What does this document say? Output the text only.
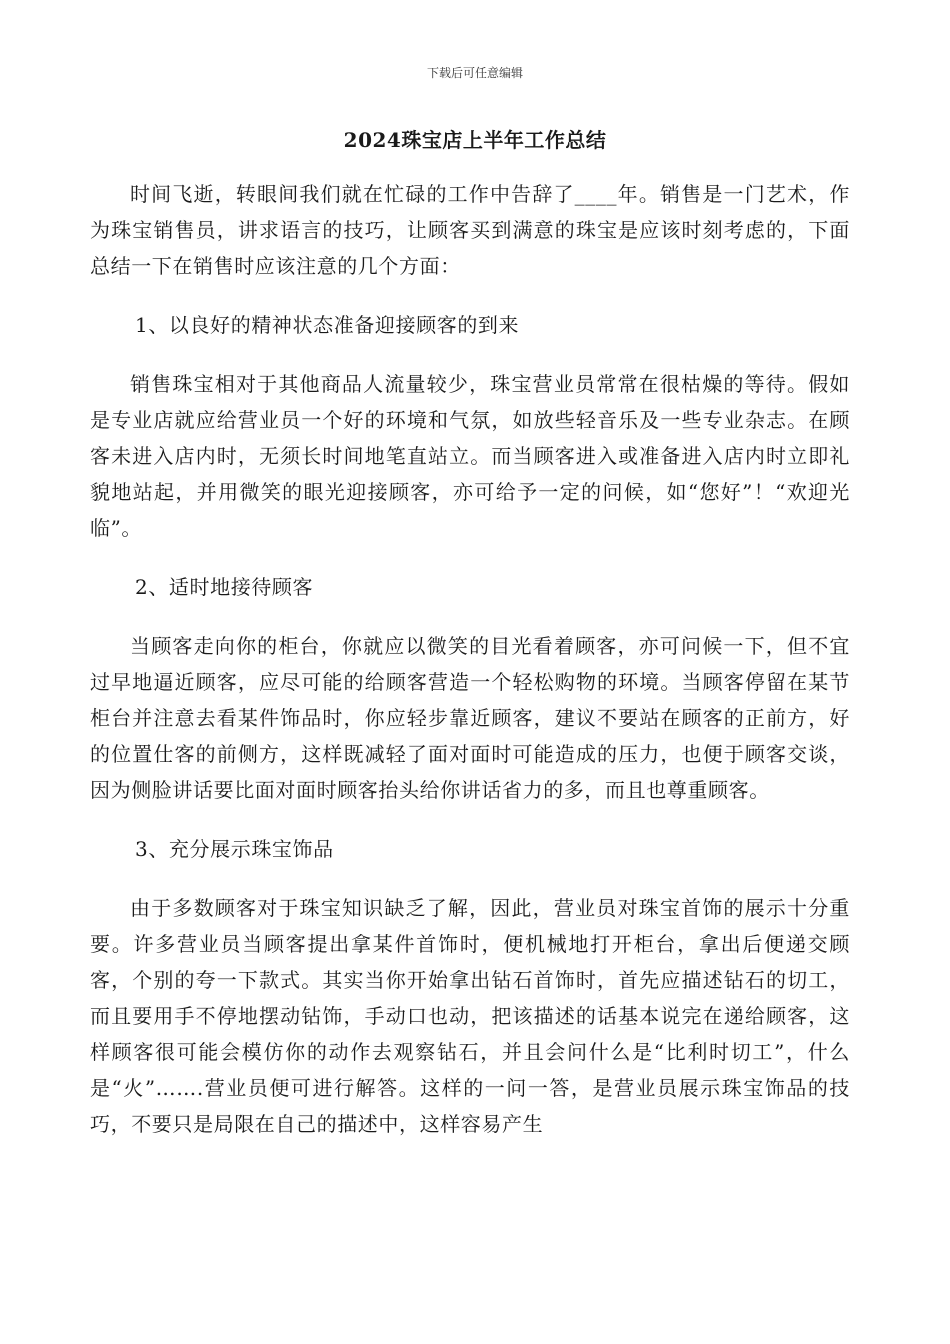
下载后可任意编辑
2024珠宝店上半年工作总结

时间飞逝，转眼间我们就在忙碌的工作中告辞了____年。销售是一门艺术，作为珠宝销售员，讲求语言的技巧，让顾客买到满意的珠宝是应该时刻考虑的，下面总结一下在销售时应该注意的几个方面：

1、以良好的精神状态准备迎接顾客的到来

销售珠宝相对于其他商品人流量较少，珠宝营业员常常在很枯燥的等待。假如是专业店就应给营业员一个好的环境和气氛，如放些轻音乐及一些专业杂志。在顾客未进入店内时，无须长时间地笔直站立。而当顾客进入或准备进入店内时立即礼貌地站起，并用微笑的眼光迎接顾客，亦可给予一定的问候，如“您好”！“欢迎光临”。

2、适时地接待顾客

当顾客走向你的柜台，你就应以微笑的目光看着顾客，亦可问候一下，但不宜过早地逼近顾客，应尽可能的给顾客营造一个轻松购物的环境。当顾客停留在某节柜台并注意去看某件饰品时，你应轻步靠近顾客，建议不要站在顾客的正前方，好的位置仕客的前侧方，这样既减轻了面对面时可能造成的压力，也便于顾客交谈，因为侧脸讲话要比面对面时顾客抬头给你讲话省力的多，而且也尊重顾客。

3、充分展示珠宝饰品

由于多数顾客对于珠宝知识缺乏了解，因此，营业员对珠宝首饰的展示十分重要。许多营业员当顾客提出拿某件首饰时，便机械地打开柜台，拿出后便递交顾客，个别的夸一下款式。其实当你开始拿出钻石首饰时，首先应描述钻石的切工，而且要用手不停地摆动钻饰，手动口也动，把该描述的话基本说完在递给顾客，这样顾客很可能会模仿你的动作去观察钻石，并且会问什么是“比利时切工”，什么是“火”…….营业员便可进行解答。这样的一问一答，是营业员展示珠宝饰品的技巧，不要只是局限在自己的描述中，这样容易产生
